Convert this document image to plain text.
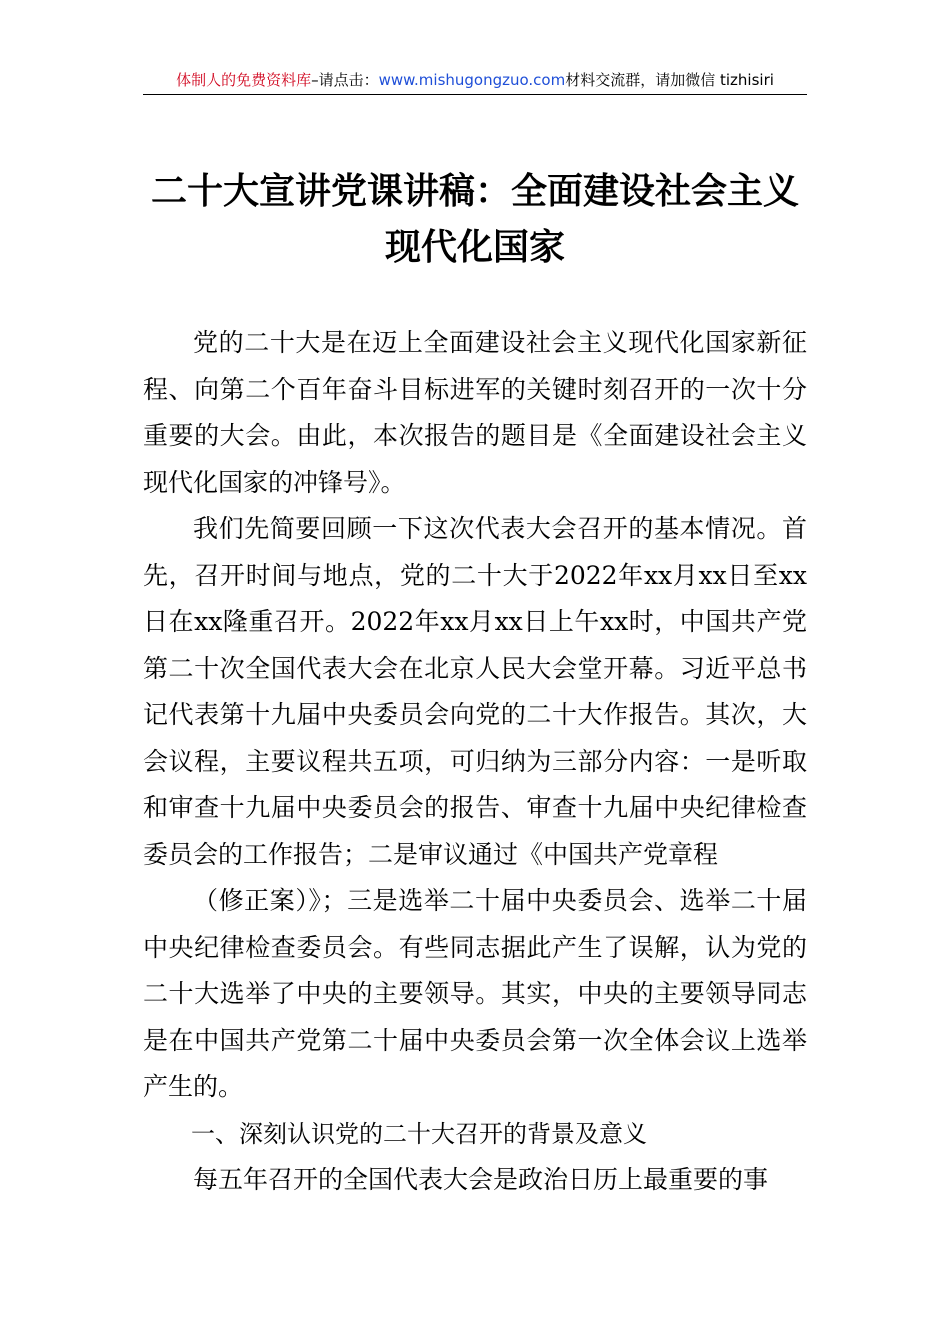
体制人的免费资料库–请点击：www.mishugongzuo.com材料交流群，请加微信 tizhisiri
二十大宣讲党课讲稿：全面建设社会主义
现代化国家

党的二十大是在迈上全面建设社会主义现代化国家新征程、向第二个百年奋斗目标进军的关键时刻召开的一次十分重要的大会。由此，本次报告的题目是《全面建设社会主义现代化国家的冲锋号》。

我们先简要回顾一下这次代表大会召开的基本情况。首先，召开时间与地点，党的二十大于2022年xx月xx日至xx日在xx隆重召开。2022年xx月xx日上午xx时，中国共产党第二十次全国代表大会在北京人民大会堂开幕。习近平总书记代表第十九届中央委员会向党的二十大作报告。其次，大会议程，主要议程共五项，可归纳为三部分内容：一是听取和审查十九届中央委员会的报告、审查十九届中央纪律检查委员会的工作报告；二是审议通过《中国共产党章程

（修正案）》；三是选举二十届中央委员会、选举二十届中央纪律检查委员会。有些同志据此产生了误解，认为党的二十大选举了中央的主要领导。其实，中央的主要领导同志是在中国共产党第二十届中央委员会第一次全体会议上选举产生的。

一、深刻认识党的二十大召开的背景及意义

每五年召开的全国代表大会是政治日历上最重要的事
